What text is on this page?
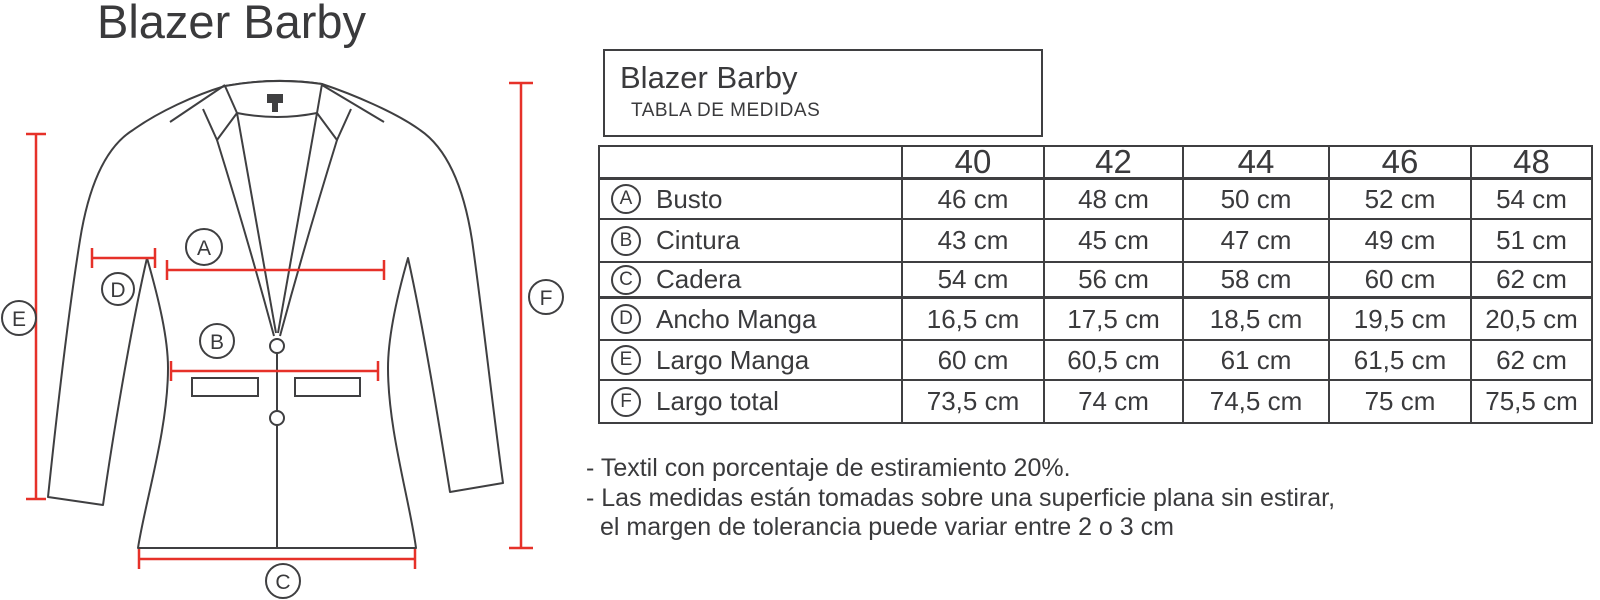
Blazer Barby
A
B
C
D
E
F
Blazer Barby
TABLA DE MEDIDAS
40	42	44	46	48
A Busto	46 cm	48 cm	50 cm	52 cm	54 cm
B Cintura	43 cm	45 cm	47 cm	49 cm	51 cm
C Cadera	54 cm	56 cm	58 cm	60 cm	62 cm
D Ancho Manga	16,5 cm	17,5 cm	18,5 cm	19,5 cm	20,5 cm
E Largo Manga	60 cm	60,5 cm	61 cm	61,5 cm	62 cm
F Largo total	73,5 cm	74 cm	74,5 cm	75 cm	75,5 cm
- Textil con porcentaje de estiramiento 20%.
- Las medidas están tomadas sobre una superficie plana sin estirar,
el margen de tolerancia puede variar entre 2 o 3 cm
